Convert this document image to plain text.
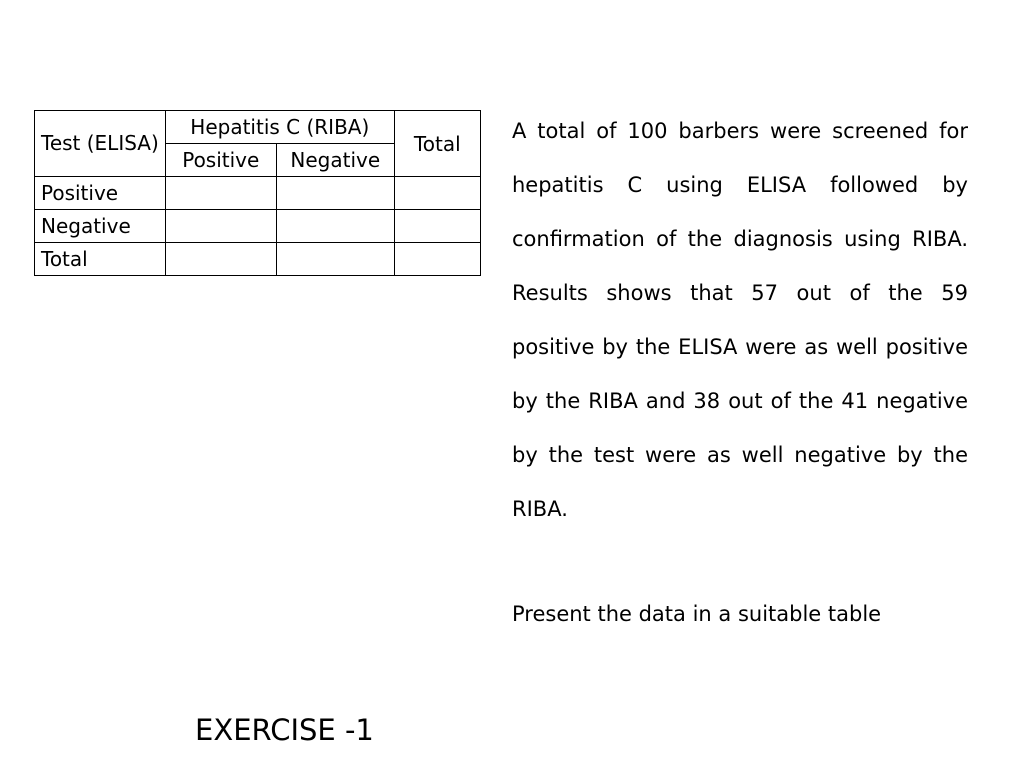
Test (ELISA)	Hepatitis C (RIBA)		Total
	Positive	Negative	
Positive			
Negative			
Total			

A total of 100 barbers were screened for hepatitis C using ELISA followed by confirmation of the diagnosis using RIBA. Results shows that 57 out of the 59 positive by the ELISA were as well positive by the RIBA and 38 out of the 41 negative by the test were as well negative by the RIBA.

Present the data in a suitable table

EXERCISE -1
